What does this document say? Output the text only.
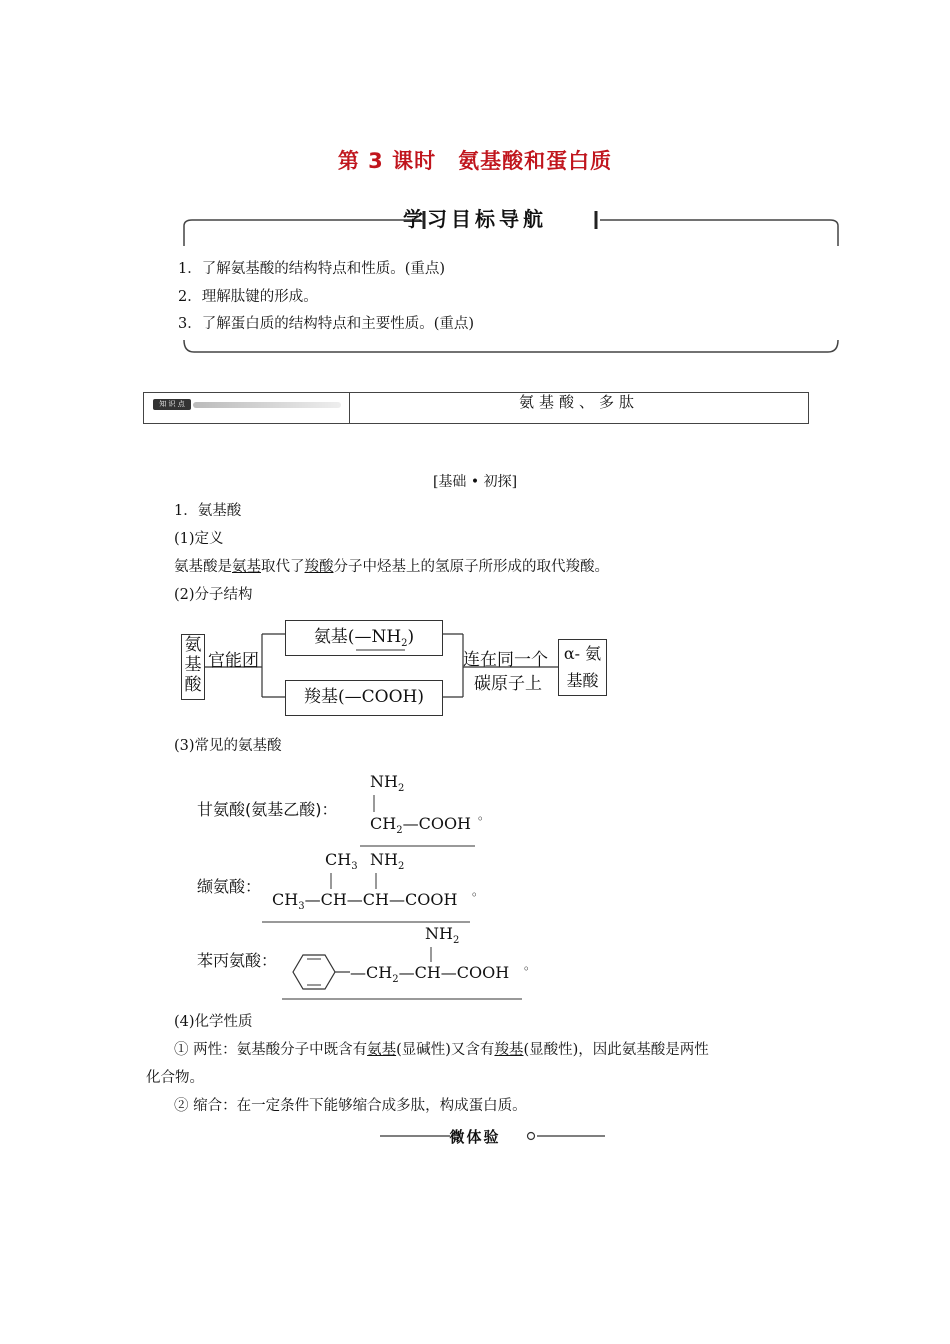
第 3 课时　氨基酸和蛋白质
学习目标导航
1．了解氨基酸的结构特点和性质。(重点)
2．理解肽键的形成。
3．了解蛋白质的结构特点和主要性质。(重点)
知 识 点	氨基酸、多肽
[基础 • 初探]
1．氨基酸
(1)定义
氨基酸是氨基取代了羧酸分子中烃基上的氢原子所形成的取代羧酸。
(2)分子结构
氨
基
酸
官能团
氨基$(—NH_2)$
羧基(—COOH)
连在同一个
碳原子上
α- 氨
基酸
(3)常见的氨基酸
甘氨酸(氨基乙酸)：
$NH_2$
$CH_2—COOH$ 。
缬氨酸：
$CH_3$ $NH_2$
$CH_3—CH—CH—COOH$ 。
苯丙氨酸：
$NH_2$
$—CH_2—CH—COOH$ 。
(4)化学性质
① 两性：氨基酸分子中既含有氨基(显碱性)又含有羧基(显酸性)，因此氨基酸是两性
化合物。
② 缩合：在一定条件下能够缩合成多肽，构成蛋白质。
微体验
